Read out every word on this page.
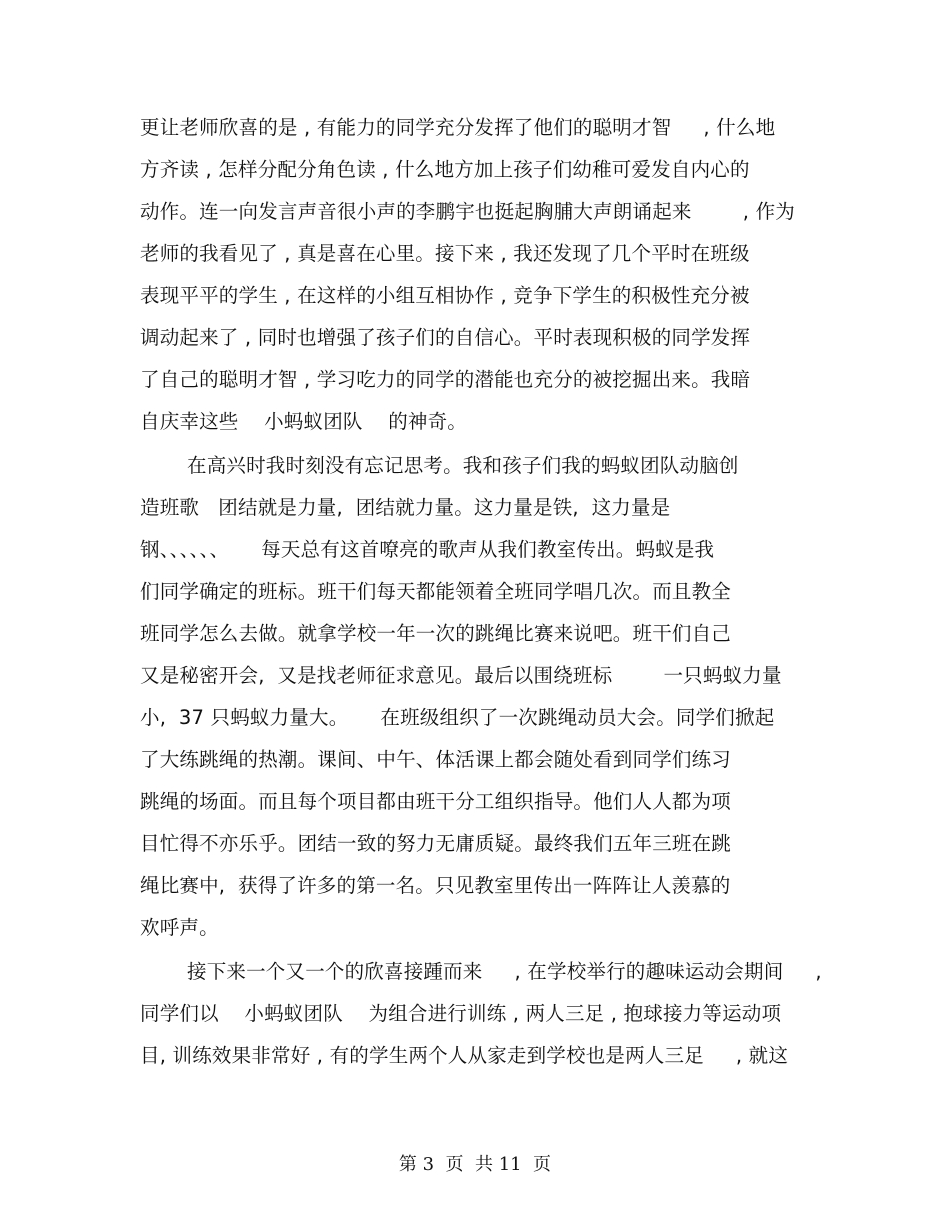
更让老师欣喜的是 , 有能力的同学充分发挥了他们的聪明才智     , 什么地
方齐读 , 怎样分配分角色读 , 什么地方加上孩子们幼稚可爱发自内心的
动作。连一向发言声音很小声的李鹏宇也挺起胸脯大声朗诵起来        , 作为
老师的我看见了 , 真是喜在心里。接下来 , 我还发现了几个平时在班级
表现平平的学生 , 在这样的小组互相协作 , 竞争下学生的积极性充分被
调动起来了 , 同时也增强了孩子们的自信心。平时表现积极的同学发挥
了自己的聪明才智 , 学习吃力的同学的潜能也充分的被挖掘出来。我暗
自庆幸这些    小蚂蚁团队    的神奇。
在高兴时我时刻没有忘记思考。我和孩子们我的蚂蚁团队动脑创
造班歌   团结就是力量,  团结就力量。这力量是铁,  这力量是
钢、、、、、、     每天总有这首嘹亮的歌声从我们教室传出。蚂蚁是我
们同学确定的班标。班干们每天都能领着全班同学唱几次。而且教全
班同学怎么去做。就拿学校一年一次的跳绳比赛来说吧。班干们自己
又是秘密开会,  又是找老师征求意见。最后以围绕班标        一只蚂蚁力量
小,  37 只蚂蚁力量大。     在班级组织了一次跳绳动员大会。同学们掀起
了大练跳绳的热潮。课间、中午、体活课上都会随处看到同学们练习
跳绳的场面。而且每个项目都由班干分工组织指导。他们人人都为项
目忙得不亦乐乎。团结一致的努力无庸质疑。最终我们五年三班在跳
绳比赛中,  获得了许多的第一名。只见教室里传出一阵阵让人羡慕的
欢呼声。
接下来一个又一个的欣喜接踵而来     , 在学校举行的趣味运动会期间     ,
同学们以    小蚂蚁团队    为组合进行训练 , 两人三足 , 抱球接力等运动项
目, 训练效果非常好 , 有的学生两个人从家走到学校也是两人三足     , 就这
第 3  页  共 11  页
